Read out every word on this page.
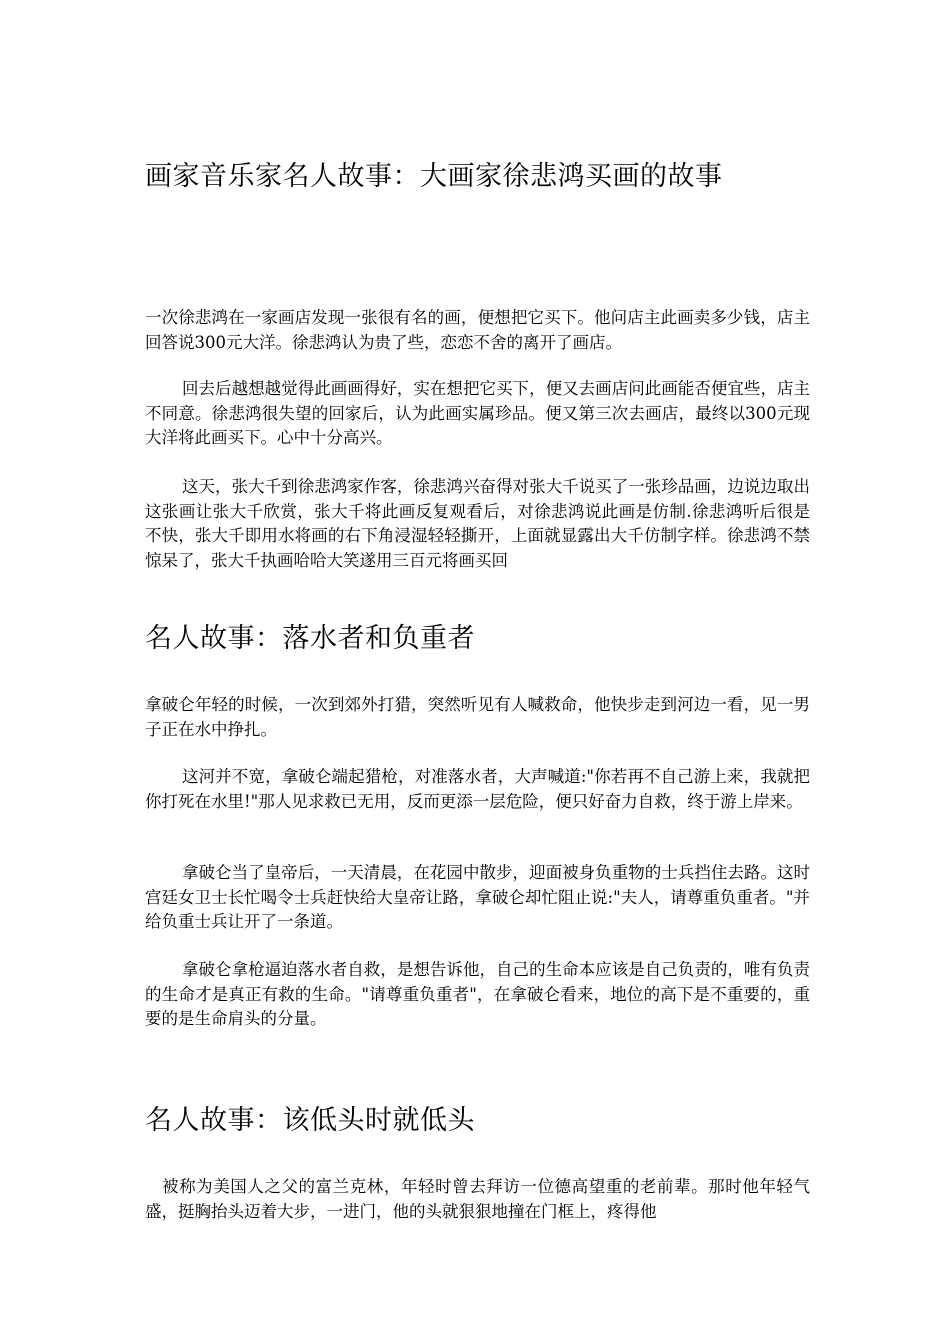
画家音乐家名人故事：大画家徐悲鸿买画的故事

一次徐悲鸿在一家画店发现一张很有名的画，便想把它买下。他问店主此画卖多少钱，店主回答说300元大洋。徐悲鸿认为贵了些，恋恋不舍的离开了画店。

回去后越想越觉得此画画得好，实在想把它买下，便又去画店问此画能否便宜些，店主不同意。徐悲鸿很失望的回家后，认为此画实属珍品。便又第三次去画店，最终以300元现大洋将此画买下。心中十分高兴。

这天，张大千到徐悲鸿家作客，徐悲鸿兴奋得对张大千说买了一张珍品画，边说边取出这张画让张大千欣赏，张大千将此画反复观看后，对徐悲鸿说此画是仿制.徐悲鸿听后很是不快，张大千即用水将画的右下角浸湿轻轻撕开，上面就显露出大千仿制字样。徐悲鸿不禁惊呆了，张大千执画哈哈大笑遂用三百元将画买回

名人故事：落水者和负重者

拿破仑年轻的时候，一次到郊外打猎，突然听见有人喊救命，他快步走到河边一看，见一男子正在水中挣扎。

这河并不宽，拿破仑端起猎枪，对准落水者，大声喊道:"你若再不自己游上来，我就把你打死在水里!"那人见求救已无用，反而更添一层危险，便只好奋力自救，终于游上岸来。

拿破仑当了皇帝后，一天清晨，在花园中散步，迎面被身负重物的士兵挡住去路。这时宫廷女卫士长忙喝令士兵赶快给大皇帝让路，拿破仑却忙阻止说:"夫人，请尊重负重者。"并给负重士兵让开了一条道。

拿破仑拿枪逼迫落水者自救，是想告诉他，自己的生命本应该是自己负责的，唯有负责的生命才是真正有救的生命。"请尊重负重者"，在拿破仑看来，地位的高下是不重要的，重要的是生命肩头的分量。

名人故事：该低头时就低头

被称为美国人之父的富兰克林，年轻时曾去拜访一位德高望重的老前辈。那时他年轻气盛，挺胸抬头迈着大步，一进门，他的头就狠狠地撞在门框上，疼得他
